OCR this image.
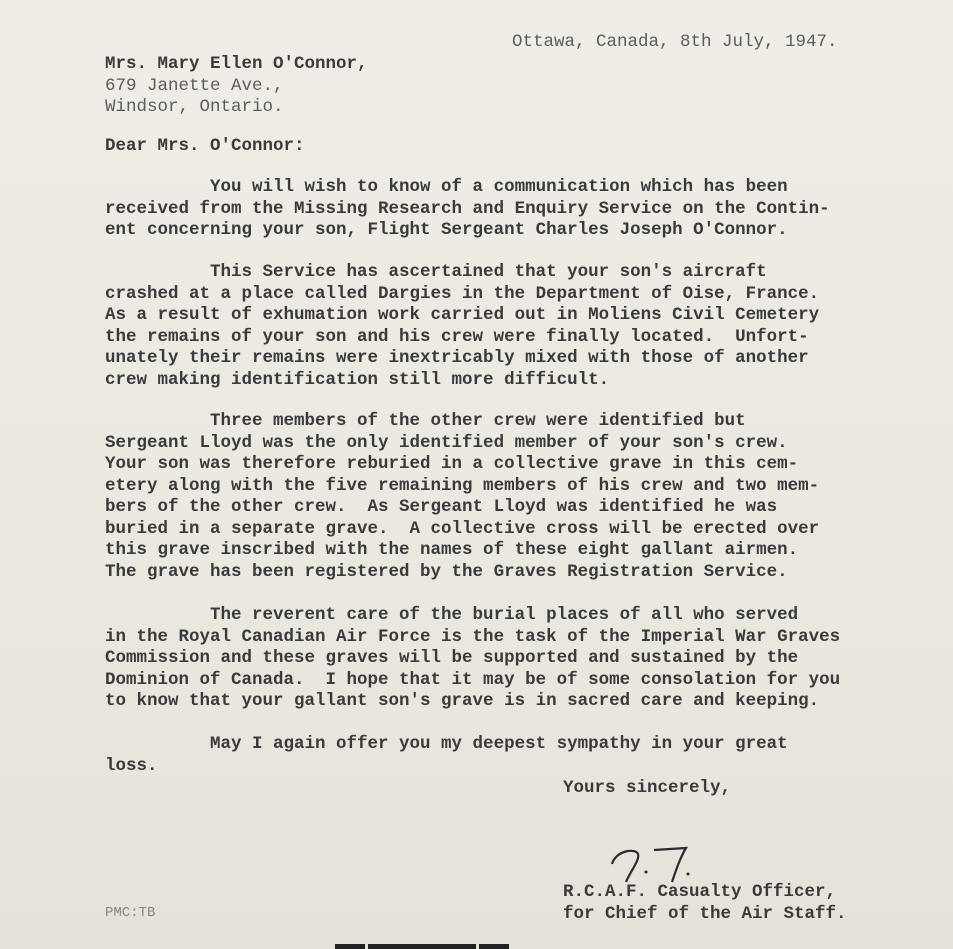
Ottawa, Canada, 8th July, 1947.
Mrs. Mary Ellen O'Connor,
679 Janette Ave.,
Windsor, Ontario.
Dear Mrs. O'Connor:
You will wish to know of a communication which has been
received from the Missing Research and Enquiry Service on the Contin-
ent concerning your son, Flight Sergeant Charles Joseph O'Connor.
This Service has ascertained that your son's aircraft
crashed at a place called Dargies in the Department of Oise, France.
As a result of exhumation work carried out in Moliens Civil Cemetery
the remains of your son and his crew were finally located.  Unfort-
unately their remains were inextricably mixed with those of another
crew making identification still more difficult.
Three members of the other crew were identified but
Sergeant Lloyd was the only identified member of your son's crew.
Your son was therefore reburied in a collective grave in this cem-
etery along with the five remaining members of his crew and two mem-
bers of the other crew.  As Sergeant Lloyd was identified he was
buried in a separate grave.  A collective cross will be erected over
this grave inscribed with the names of these eight gallant airmen.
The grave has been registered by the Graves Registration Service.
The reverent care of the burial places of all who served
in the Royal Canadian Air Force is the task of the Imperial War Graves
Commission and these graves will be supported and sustained by the
Dominion of Canada.  I hope that it may be of some consolation for you
to know that your gallant son's grave is in sacred care and keeping.
May I again offer you my deepest sympathy in your great
loss.
Yours sincerely,
R.C.A.F. Casualty Officer,
for Chief of the Air Staff.
PMC:TB
